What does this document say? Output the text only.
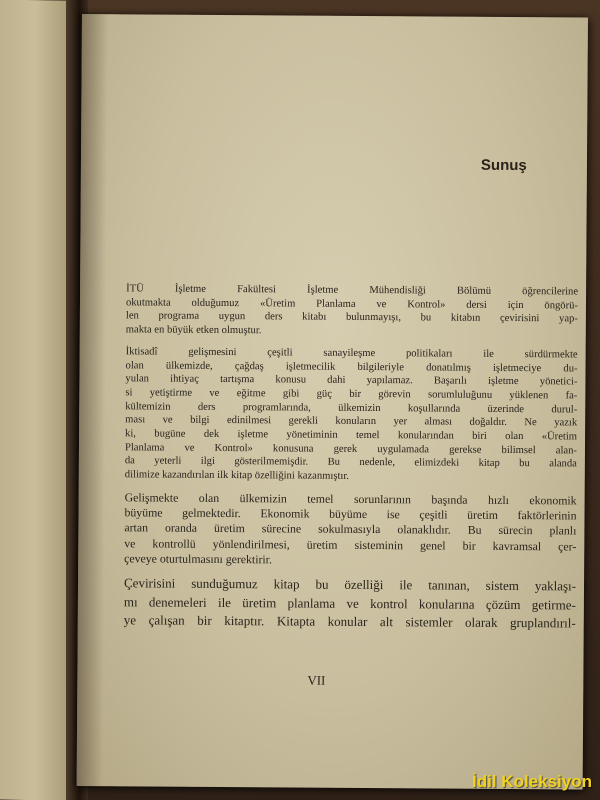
Sunuş

İTÜ İşletme Fakültesi İşletme Mühendisliği Bölümü öğrencilerine
okutmakta olduğumuz «Üretim Planlama ve Kontrol» dersi için öngörü-
len programa uygun ders kitabı bulunmayışı, bu kitabın çevirisini yap-
makta en büyük etken olmuştur.

İktisadî gelişmesini çeşitli sanayileşme politikaları ile sürdürmekte
olan ülkemizde, çağdaş işletmecilik bilgileriyle donatılmış işletmeciye du-
yulan ihtiyaç tartışma konusu dahi yapılamaz. Başarılı işletme yönetici-
si yetiştirme ve eğitme gibi güç bir görevin sorumluluğunu yüklenen fa-
kültemizin ders programlarında, ülkemizin koşullarında üzerinde durul-
ması ve bilgi edinilmesi gerekli konuların yer alması doğaldır. Ne yazık
ki, bugüne dek işletme yönetiminin temel konularından biri olan «Üretim
Planlama ve Kontrol» konusuna gerek uygulamada gerekse bilimsel alan-
da yeterli ilgi gösterilmemişdir. Bu nedenle, elimizdeki kitap bu alanda
dilimize kazandırılan ilk kitap özelliğini kazanmıştır.

Gelişmekte olan ülkemizin temel sorunlarının başında hızlı ekonomik
büyüme gelmektedir. Ekonomik büyüme ise çeşitli üretim faktörlerinin
artan oranda üretim sürecine sokulmasıyla olanaklıdır. Bu sürecin planlı
ve kontrollü yönlendirilmesi, üretim sisteminin genel bir kavramsal çer-
çeveye oturtulmasını gerektirir.

Çevirisini sunduğumuz kitap bu özelliği ile tanınan, sistem yaklaşı-
mı denemeleri ile üretim planlama ve kontrol konularına çözüm getirme-
ye çalışan bir kitaptır. Kitapta konular alt sistemler olarak gruplandırıl-

VII
İdil Koleksiyon
